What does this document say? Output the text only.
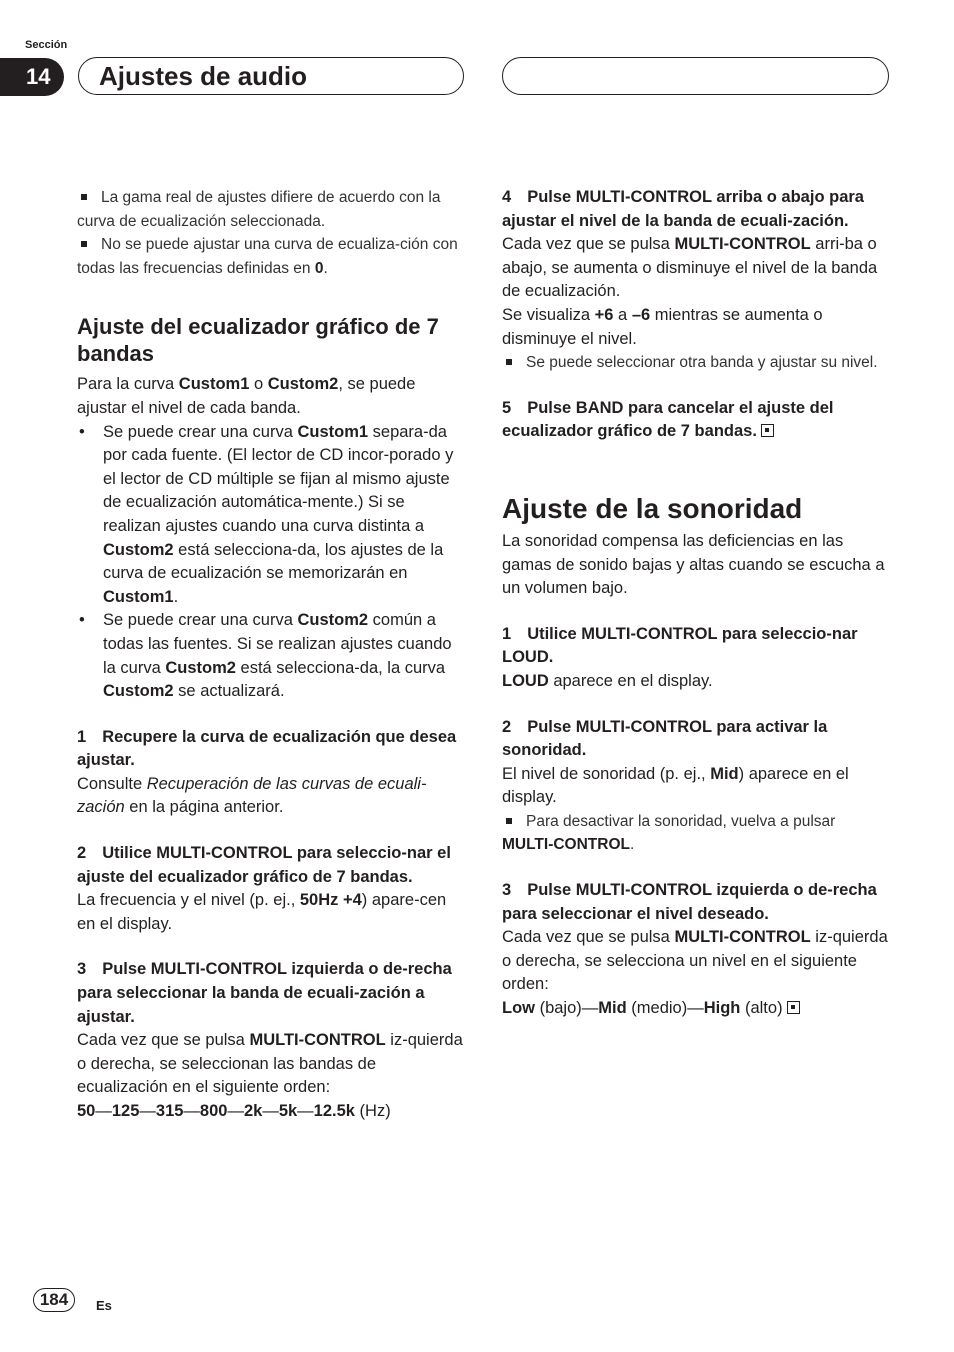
Sección
14	Ajustes de audio

La gama real de ajustes difiere de acuerdo con la curva de ecualización seleccionada.

No se puede ajustar una curva de ecualiza-ción con todas las frecuencias definidas en 0.

Ajuste del ecualizador gráfico de 7 bandas

Para la curva Custom1 o Custom2, se puede ajustar el nivel de cada banda.

• Se puede crear una curva Custom1 separa-da por cada fuente. (El lector de CD incor-porado y el lector de CD múltiple se fijan al mismo ajuste de ecualización automática-mente.) Si se realizan ajustes cuando una curva distinta a Custom2 está selecciona-da, los ajustes de la curva de ecualización se memorizarán en Custom1.

• Se puede crear una curva Custom2 común a todas las fuentes. Si se realizan ajustes cuando la curva Custom2 está selecciona-da, la curva Custom2 se actualizará.

1 Recupere la curva de ecualización que desea ajustar.

Consulte Recuperación de las curvas de ecuali-zación en la página anterior.

2 Utilice MULTI-CONTROL para seleccio-nar el ajuste del ecualizador gráfico de 7 bandas.

La frecuencia y el nivel (p. ej., 50Hz +4) apare-cen en el display.

3 Pulse MULTI-CONTROL izquierda o de-recha para seleccionar la banda de ecuali-zación a ajustar.

Cada vez que se pulsa MULTI-CONTROL iz-quierda o derecha, se seleccionan las bandas de ecualización en el siguiente orden:

50—125—315—800—2k—5k—12.5k (Hz)

4 Pulse MULTI-CONTROL arriba o abajo para ajustar el nivel de la banda de ecuali-zación.

Cada vez que se pulsa MULTI-CONTROL arri-ba o abajo, se aumenta o disminuye el nivel de la banda de ecualización.

Se visualiza +6 a –6 mientras se aumenta o disminuye el nivel.

Se puede seleccionar otra banda y ajustar su nivel.

5 Pulse BAND para cancelar el ajuste del ecualizador gráfico de 7 bandas.

Ajuste de la sonoridad

La sonoridad compensa las deficiencias en las gamas de sonido bajas y altas cuando se escucha a un volumen bajo.

1 Utilice MULTI-CONTROL para seleccio-nar LOUD.

LOUD aparece en el display.

2 Pulse MULTI-CONTROL para activar la sonoridad.

El nivel de sonoridad (p. ej., Mid) aparece en el display.

Para desactivar la sonoridad, vuelva a pulsar MULTI-CONTROL.

3 Pulse MULTI-CONTROL izquierda o de-recha para seleccionar el nivel deseado.

Cada vez que se pulsa MULTI-CONTROL iz-quierda o derecha, se selecciona un nivel en el siguiente orden:

Low (bajo)—Mid (medio)—High (alto)

184	Es
